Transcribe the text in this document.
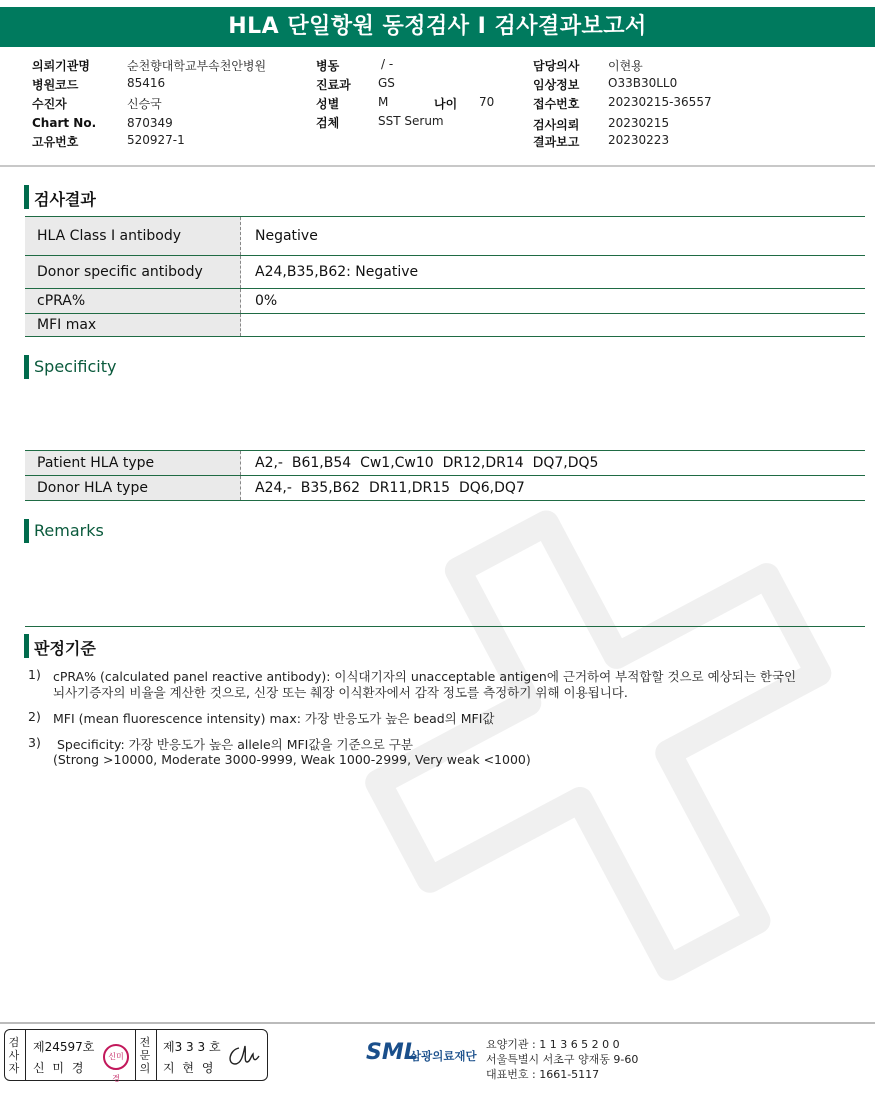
HLA 단일항원 동정검사 I 검사결과보고서
의뢰기관명	순천향대학교부속천안병원
병원코드	85416
수진자	신승국
Chart No.	870349
고유번호	520927-1
병동	/ -
진료과 GS
성별	M	나이 70
검체	SST Serum
담당의사 이현용
임상정보 O33B30LL0
접수번호 20230215-36557
검사의뢰 20230215
결과보고 20230223
검사결과
HLA Class I antibody	Negative
Donor specific antibody	A24,B35,B62: Negative
cPRA%	0%
MFI max
Specificity
Patient HLA type	A2,-  B61,B54  Cw1,Cw10  DR12,DR14  DQ7,DQ5
Donor HLA type	A24,-  B35,B62  DR11,DR15  DQ6,DQ7
Remarks
판정기준
1) cPRA% (calculated panel reactive antibody): 이식대기자의 unacceptable antigen에 근거하여 부적합할 것으로 예상되는 한국인
뇌사기증자의 비율을 계산한 것으로, 신장 또는 췌장 이식환자에서 감작 정도를 측정하기 위해 이용됩니다.
2) MFI (mean fluorescence intensity) max: 가장 반응도가 높은 bead의 MFI값
3) Specificity: 가장 반응도가 높은 allele의 MFI값을 기준으로 구분
(Strong >10000, Moderate 3000-9999, Weak 1000-2999, Very weak <1000)
검사자
제24597호
신 미 경
신미경
전문의
제3 3 3 호
지 현 영
SML
삼광의료재단
요양기관 : 1 1 3 6 5 2 0 0
서울특별시 서초구 양재동 9-60
대표번호 : 1661-5117
